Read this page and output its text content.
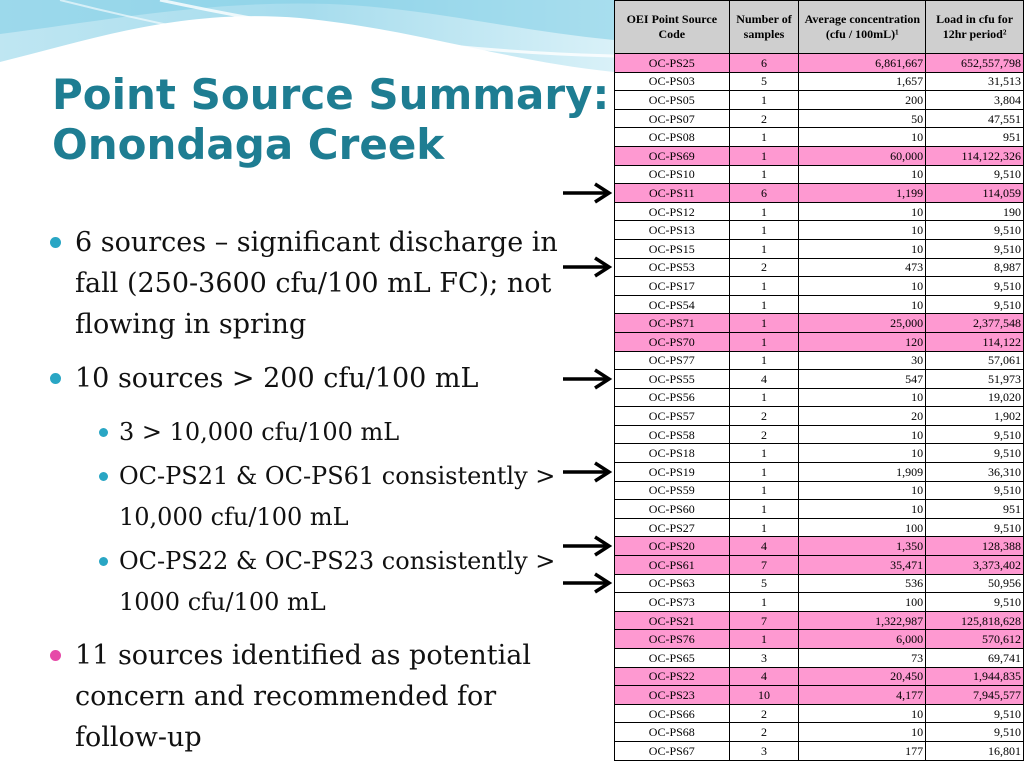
Point Source Summary:
Onondaga Creek
6 sources – significant discharge in fall (250-3600 cfu/100 mL FC); not flowing in spring
10 sources > 200 cfu/100 mL
3 > 10,000 cfu/100 mL
OC-PS21 & OC-PS61 consistently > 10,000 cfu/100 mL
OC-PS22 & OC-PS23 consistently > 1000 cfu/100 mL
11 sources identified as potential concern and recommended for follow-up
OEI Point Source Code	Number of samples	Average concentration (cfu / 100mL)¹	Load in cfu for 12hr period²
OC-PS25	6	6,861,667	652,557,798
OC-PS03	5	1,657	31,513
OC-PS05	1	200	3,804
OC-PS07	2	50	47,551
OC-PS08	1	10	951
OC-PS69	1	60,000	114,122,326
OC-PS10	1	10	9,510
OC-PS11	6	1,199	114,059
OC-PS12	1	10	190
OC-PS13	1	10	9,510
OC-PS15	1	10	9,510
OC-PS53	2	473	8,987
OC-PS17	1	10	9,510
OC-PS54	1	10	9,510
OC-PS71	1	25,000	2,377,548
OC-PS70	1	120	114,122
OC-PS77	1	30	57,061
OC-PS55	4	547	51,973
OC-PS56	1	10	19,020
OC-PS57	2	20	1,902
OC-PS58	2	10	9,510
OC-PS18	1	10	9,510
OC-PS19	1	1,909	36,310
OC-PS59	1	10	9,510
OC-PS60	1	10	951
OC-PS27	1	100	9,510
OC-PS20	4	1,350	128,388
OC-PS61	7	35,471	3,373,402
OC-PS63	5	536	50,956
OC-PS73	1	100	9,510
OC-PS21	7	1,322,987	125,818,628
OC-PS76	1	6,000	570,612
OC-PS65	3	73	69,741
OC-PS22	4	20,450	1,944,835
OC-PS23	10	4,177	7,945,577
OC-PS66	2	10	9,510
OC-PS68	2	10	9,510
OC-PS67	3	177	16,801
